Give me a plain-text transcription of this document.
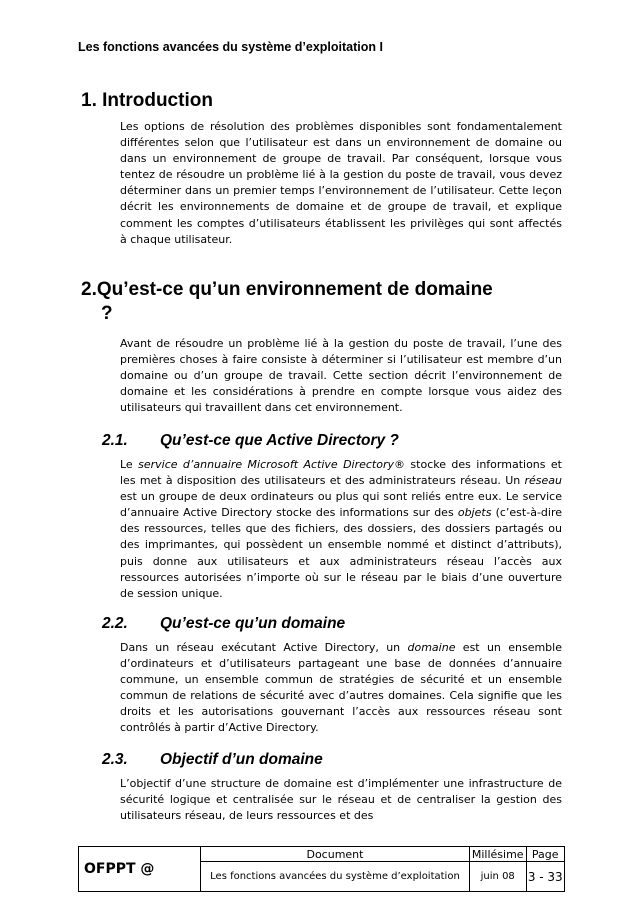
Les fonctions avancées du système d’exploitation I
1. Introduction

Les options de résolution des problèmes disponibles sont fondamentalement différentes selon que l’utilisateur est dans un environnement de domaine ou dans un environnement de groupe de travail. Par conséquent, lorsque vous tentez de résoudre un problème lié à la gestion du poste de travail, vous devez déterminer dans un premier temps l’environnement de l’utilisateur. Cette leçon décrit les environnements de domaine et de groupe de travail, et explique comment les comptes d’utilisateurs établissent les privilèges qui sont affectés à chaque utilisateur.

2.Qu’est-ce qu’un environnement de domaine
?

Avant de résoudre un problème lié à la gestion du poste de travail, l’une des premières choses à faire consiste à déterminer si l’utilisateur est membre d’un domaine ou d’un groupe de travail. Cette section décrit l’environnement de domaine et les considérations à prendre en compte lorsque vous aidez des utilisateurs qui travaillent dans cet environnement.

2.1. Qu’est-ce que Active Directory ?

Le service d’annuaire Microsoft Active Directory® stocke des informations et les met à disposition des utilisateurs et des administrateurs réseau. Un réseau est un groupe de deux ordinateurs ou plus qui sont reliés entre eux. Le service d’annuaire Active Directory stocke des informations sur des objets (c’est-à-dire des ressources, telles que des fichiers, des dossiers, des dossiers partagés ou des imprimantes, qui possèdent un ensemble nommé et distinct d’attributs), puis donne aux utilisateurs et aux administrateurs réseau l’accès aux ressources autorisées n’importe où sur le réseau par le biais d’une ouverture de session unique.

2.2. Qu’est-ce qu’un domaine

Dans un réseau exécutant Active Directory, un domaine est un ensemble d’ordinateurs et d’utilisateurs partageant une base de données d’annuaire commune, un ensemble commun de stratégies de sécurité et un ensemble commun de relations de sécurité avec d’autres domaines. Cela signifie que les droits et les autorisations gouvernant l’accès aux ressources réseau sont contrôlés à partir d’Active Directory.

2.3. Objectif d’un domaine

L’objectif d’une structure de domaine est d’implémenter une infrastructure de sécurité logique et centralisée sur le réseau et de centraliser la gestion des utilisateurs réseau, de leurs ressources et des

OFPPT @	Document	Millésime	Page
	Les fonctions avancées du système d’exploitation	juin 08	3 - 33
